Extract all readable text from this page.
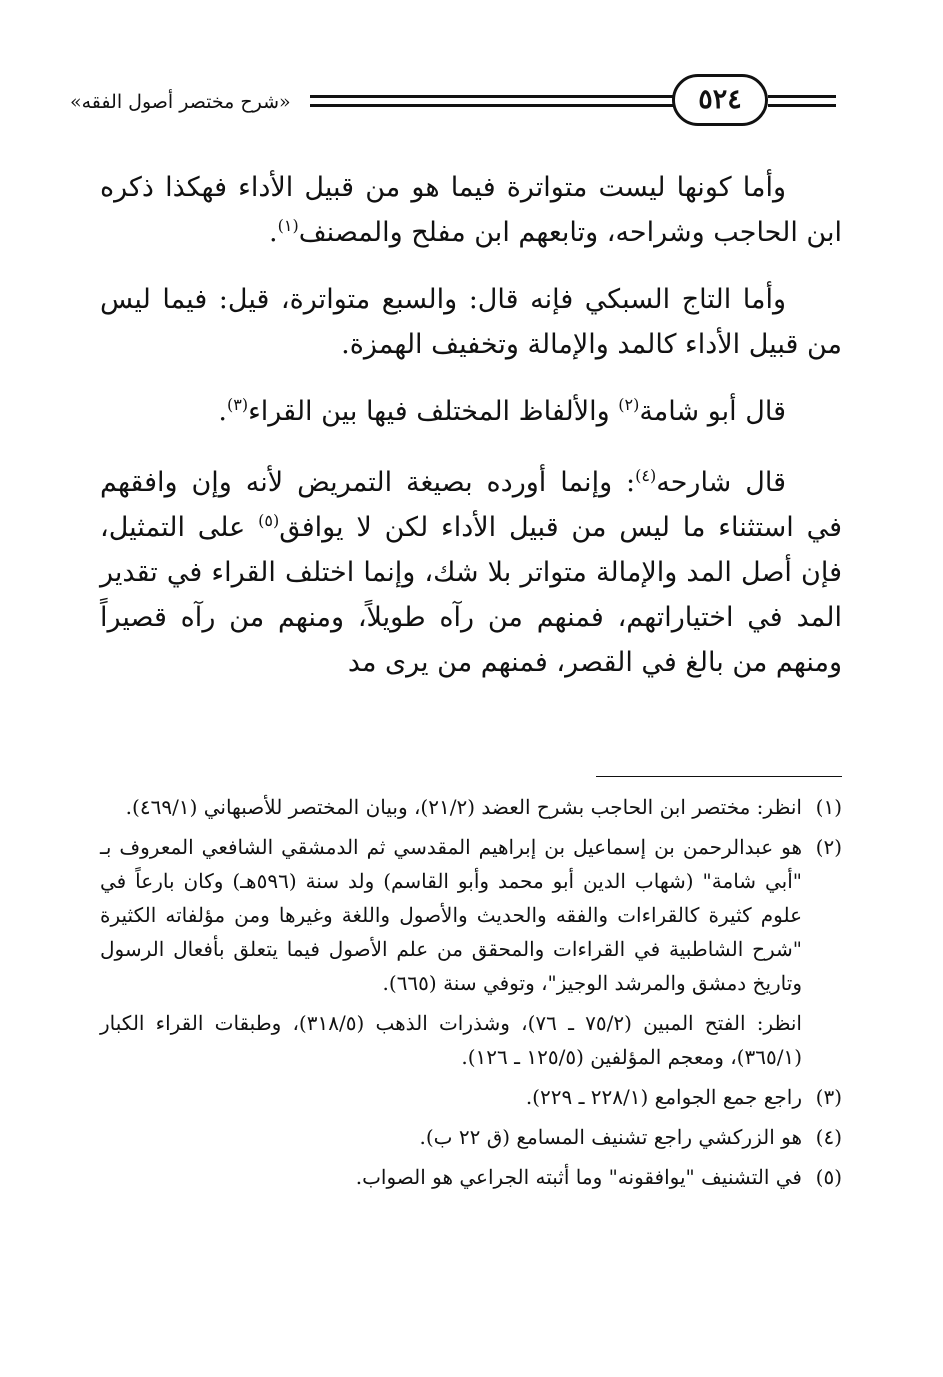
«شرح مختصر أصول الفقه»	٥٢٤

وأما كونها ليست متواترة فيما هو من قبيل الأداء فهكذا ذكره ابن الحاجب وشراحه، وتابعهم ابن مفلح والمصنف$^{(١)}$.

وأما التاج السبكي فإنه قال: والسبع متواترة، قيل: فيما ليس من قبيل الأداء كالمد والإمالة وتخفيف الهمزة.

قال أبو شامة$^{(٢)}$ والألفاظ المختلف فيها بين القراء$^{(٣)}$.

قال شارحه$^{(٤)}$: وإنما أورده بصيغة التمريض لأنه وإن وافقهم في استثناء ما ليس من قبيل الأداء لكن لا يوافق$^{(٥)}$ على التمثيل، فإن أصل المد والإمالة متواتر بلا شك، وإنما اختلف القراء في تقدير المد في اختياراتهم، فمنهم من رآه طويلاً، ومنهم من رآه قصيراً ومنهم من بالغ في القصر، فمنهم من يرى مد

(١)
انظر: مختصر ابن الحاجب بشرح العضد (٢١/٢)، وبيان المختصر للأصبهاني (٤٦٩/١).
(٢)
هو عبدالرحمن بن إسماعيل بن إبراهيم المقدسي ثم الدمشقي الشافعي المعروف بـ "أبي شامة" (شهاب الدين أبو محمد وأبو القاسم) ولد سنة (٥٩٦هـ) وكان بارعاً في علوم كثيرة كالقراءات والفقه والحديث والأصول واللغة وغيرها ومن مؤلفاته الكثيرة "شرح الشاطبية في القراءات والمحقق من علم الأصول فيما يتعلق بأفعال الرسول وتاريخ دمشق والمرشد الوجيز"، وتوفي سنة (٦٦٥).
انظر: الفتح المبين (٧٥/٢ ـ ٧٦)، وشذرات الذهب (٣١٨/٥)، وطبقات القراء الكبار (٣٦٥/١)، ومعجم المؤلفين (١٢٥/٥ ـ ١٢٦).
(٣)
راجع جمع الجوامع (٢٢٨/١ ـ ٢٢٩).
(٤)
هو الزركشي راجع تشنيف المسامع (ق ٢٢ ب).
(٥)
في التشنيف "يوافقونه" وما أثبته الجراعي هو الصواب.
